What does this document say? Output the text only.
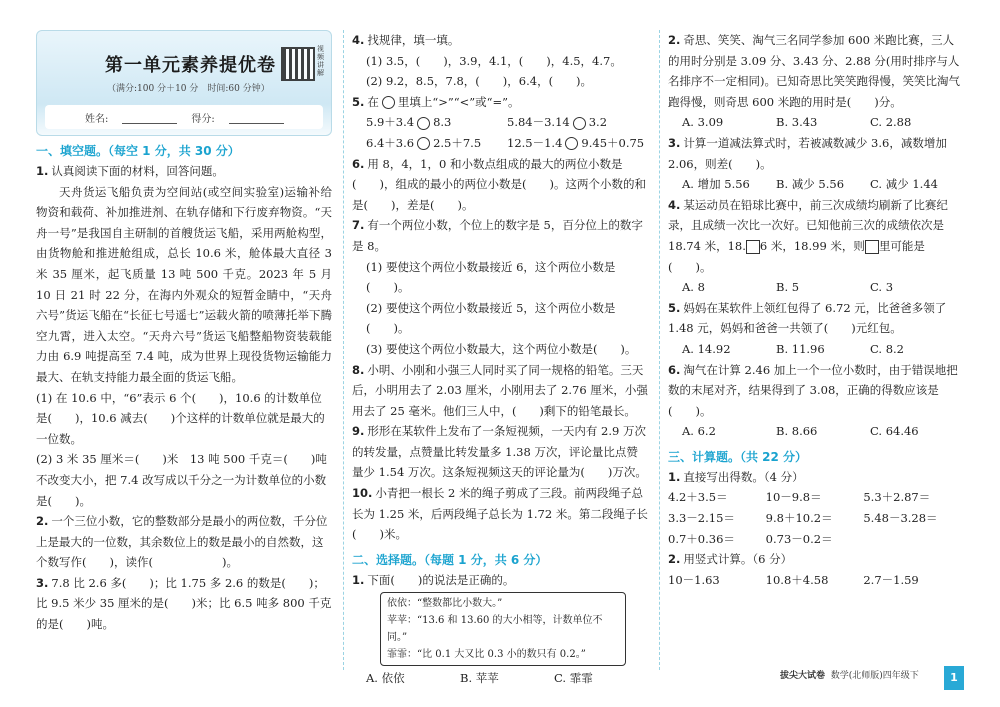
第一单元素养提优卷
（满分:100 分＋10 分　时间:60 分钟）
视频讲解
姓名:	得分:
一、填空题。（每空 1 分，共 30 分）
1. 认真阅读下面的材料，回答问题。
天舟货运飞船负责为空间站(或空间实验室)运输补给物资和载荷、补加推进剂、在轨存储和下行废弃物资。“天舟一号”是我国自主研制的首艘货运飞船，采用两舱构型，由货物舱和推进舱组成，总长 10.6 米，舱体最大直径 3 米 35 厘米，起飞质量 13 吨 500 千克。2023 年 5 月 10 日 21 时 22 分，在海内外观众的短暂金睛中，“天舟六号”货运飞船在“长征七号遥七”运载火箭的喷薄托举下腾空九霄，进入太空。“天舟六号”货运飞船整船物资装载能力由 6.9 吨提高至 7.4 吨，成为世界上现役货物运输能力最大、在轨支持能力最全面的货运飞船。
(1) 在 10.6 中，“6”表示 6 个(　　)，10.6 的计数单位是(　　)，10.6 减去(　　)个这样的计数单位就是最大的一位数。
(2) 3 米 35 厘米＝(　　)米　13 吨 500 千克＝(　　)吨　不改变大小，把 7.4 改写成以千分之一为计数单位的小数是(　　)。
2. 一个三位小数，它的整数部分是最小的两位数，千分位上是最大的一位数，其余数位上的数是最小的自然数，这个数写作(　　)，读作(　　　　　　)。
3. 7.8 比 2.6 多(　　)；比 1.75 多 2.6 的数是(　　)；比 9.5 米少 35 厘米的是(　　)米；比 6.5 吨多 800 千克的是(　　)吨。
4. 找规律，填一填。
(1) 3.5，(　　)，3.9，4.1，(　　)，4.5，4.7。
(2) 9.2，8.5，7.8，(　　)，6.4，(　　)。
5. 在 里填上“>”“<”或“=”。
5.9＋3.4 8.3	5.84－3.14 3.2
6.4＋3.6 2.5＋7.5	12.5－1.4 9.45＋0.75
6. 用 8，4，1，0 和小数点组成的最大的两位小数是(　　)，组成的最小的两位小数是(　　)。这两个小数的和是(　　)，差是(　　)。
7. 有一个两位小数，个位上的数字是 5，百分位上的数字是 8。
(1) 要使这个两位小数最接近 6，这个两位小数是(　　)。
(2) 要使这个两位小数最接近 5，这个两位小数是(　　)。
(3) 要使这个两位小数最大，这个两位小数是(　　)。
8. 小明、小刚和小强三人同时买了同一规格的铅笔。三天后，小明用去了 2.03 厘米，小刚用去了 2.76 厘米，小强用去了 25 毫米。他们三人中，(　　)剩下的铅笔最长。
9. 形形在某软件上发布了一条短视频，一天内有 2.9 万次的转发量，点赞量比转发量多 1.38 万次，评论量比点赞量少 1.54 万次。这条短视频这天的评论量为(　　)万次。
10. 小青把一根长 2 米的绳子剪成了三段。前两段绳子总长为 1.25 米，后两段绳子总长为 1.72 米。第二段绳子长(　　)米。
二、选择题。（每题 1 分，共 6 分）
1. 下面(　　)的说法是正确的。
依依：“整数都比小数大。”
苹苹：“13.6 和 13.60 的大小相等，计数单位不同。”
霏霏：“比 0.1 大又比 0.3 小的数只有 0.2。”
A. 依依	B. 苹苹	C. 霏霏
2. 奇思、笑笑、淘气三名同学参加 600 米跑比赛，三人的用时分别是 3.09 分、3.43 分、2.88 分(用时排序与人名排序不一定相同)。已知奇思比笑笑跑得慢，笑笑比淘气跑得慢，则奇思 600 米跑的用时是(　　)分。
A. 3.09	B. 3.43	C. 2.88
3. 计算一道减法算式时，若被减数减少 3.6，减数增加 2.06，则差(　　)。
A. 增加 5.56	B. 减少 5.56	C. 减少 1.44
4. 某运动员在铅球比赛中，前三次成绩均刷新了比赛纪录，且成绩一次比一次好。已知他前三次的成绩依次是
18.74 米，18. 6 米，18.99 米，则 里可能是(　　)。
A. 8	B. 5	C. 3
5. 妈妈在某软件上领红包得了 6.72 元，比爸爸多领了 1.48 元，妈妈和爸爸一共领了(　　)元红包。
A. 14.92	B. 11.96	C. 8.2
6. 淘气在计算 2.46 加上一个一位小数时，由于错误地把数的末尾对齐，结果得到了 3.08，正确的得数应该是(　　)。
A. 6.2	B. 8.66	C. 64.46
三、计算题。（共 22 分）
1. 直接写出得数。（4 分）
4.2＋3.5＝	10－9.8＝	5.3＋2.87＝
3.3－2.15＝	9.8＋10.2＝	5.48－3.28＝
0.7＋0.36＝	0.73－0.2＝
2. 用竖式计算。（6 分）
10－1.63	10.8＋4.58	2.7－1.59
拔尖大试卷 数学(北师版)四年级下	1
